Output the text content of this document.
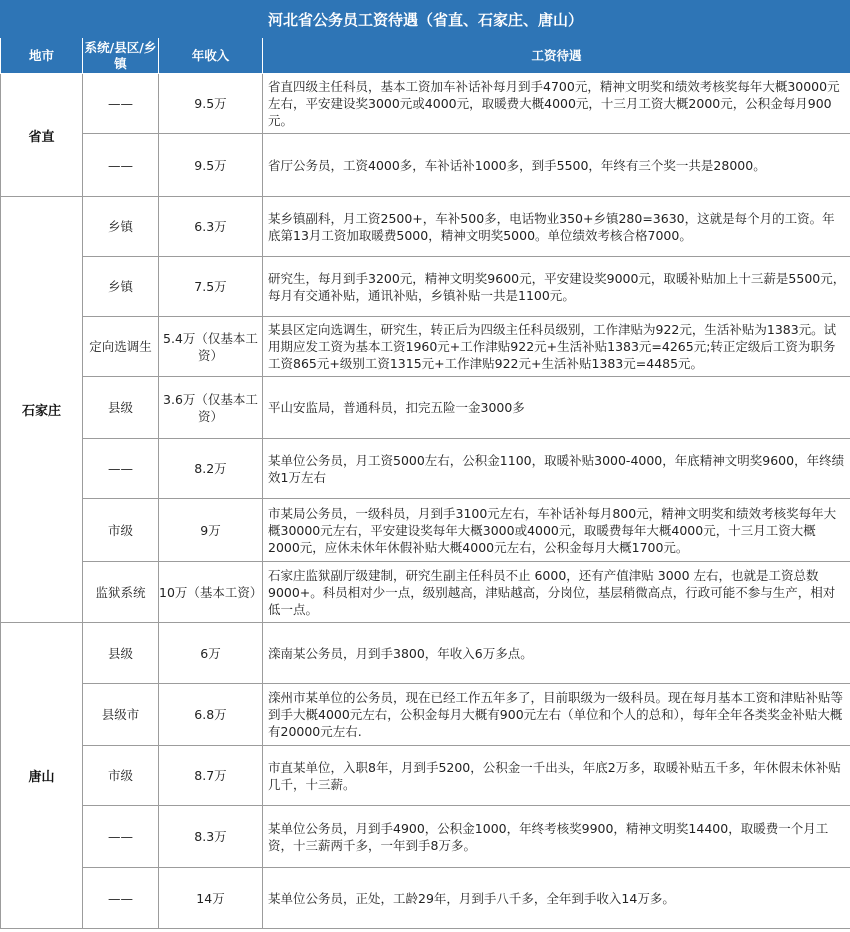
河北省公务员工资待遇（省直、石家庄、唐山）			
地市	系统/县区/乡镇	年收入	工资待遇
省直	——	9.5万	省直四级主任科员，基本工资加车补话补每月到手4700元，精神文明奖和绩效考核奖每年大概30000元左右，平安建设奖3000元或4000元，取暖费大概4000元，十三月工资大概2000元，公积金每月900元。
	——	9.5万	省厅公务员，工资4000多，车补话补1000多，到手5500，年终有三个奖一共是28000。
石家庄	乡镇	6.3万	某乡镇副科，月工资2500+，车补500多，电话物业350+乡镇280=3630，这就是每个月的工资。年底第13月工资加取暖费5000，精神文明奖5000。单位绩效考核合格7000。
	乡镇	7.5万	研究生，每月到手3200元，精神文明奖9600元，平安建设奖9000元，取暖补贴加上十三薪是5500元，每月有交通补贴，通讯补贴，乡镇补贴一共是1100元。
	定向选调生	5.4万（仅基本工资）	某县区定向选调生，研究生，转正后为四级主任科员级别，工作津贴为922元，生活补贴为1383元。试用期应发工资为基本工资1960元+工作津贴922元+生活补贴1383元=4265元;转正定级后工资为职务工资865元+级别工资1315元+工作津贴922元+生活补贴1383元=4485元。
	县级	3.6万（仅基本工资）	平山安监局，普通科员，扣完五险一金3000多
	——	8.2万	某单位公务员，月工资5000左右，公积金1100，取暖补贴3000-4000，年底精神文明奖9600，年终绩效1万左右
	市级	9万	市某局公务员，一级科员，月到手3100元左右，车补话补每月800元，精神文明奖和绩效考核奖每年大概30000元左右，平安建设奖每年大概3000或4000元，取暖费每年大概4000元，十三月工资大概2000元，应休未休年休假补贴大概4000元左右，公积金每月大概1700元。
	监狱系统	10万（基本工资）	石家庄监狱副厅级建制，研究生副主任科员不止 6000，还有产值津贴 3000 左右，也就是工资总数 9000+。科员相对少一点，级别越高，津贴越高，分岗位，基层稍微高点，行政可能不参与生产，相对低一点。
唐山	县级	6万	滦南某公务员，月到手3800，年收入6万多点。
	县级市	6.8万	滦州市某单位的公务员，现在已经工作五年多了，目前职级为一级科员。现在每月基本工资和津贴补贴等到手大概4000元左右，公积金每月大概有900元左右（单位和个人的总和），每年全年各类奖金补贴大概有20000元左右.
	市级	8.7万	市直某单位，入职8年，月到手5200，公积金一千出头，年底2万多，取暖补贴五千多，年休假未休补贴几千，十三薪。
	——	8.3万	某单位公务员，月到手4900，公积金1000，年终考核奖9900，精神文明奖14400，取暖费一个月工资，十三薪两千多，一年到手8万多。
	——	14万	某单位公务员，正处，工龄29年，月到手八千多，全年到手收入14万多。
